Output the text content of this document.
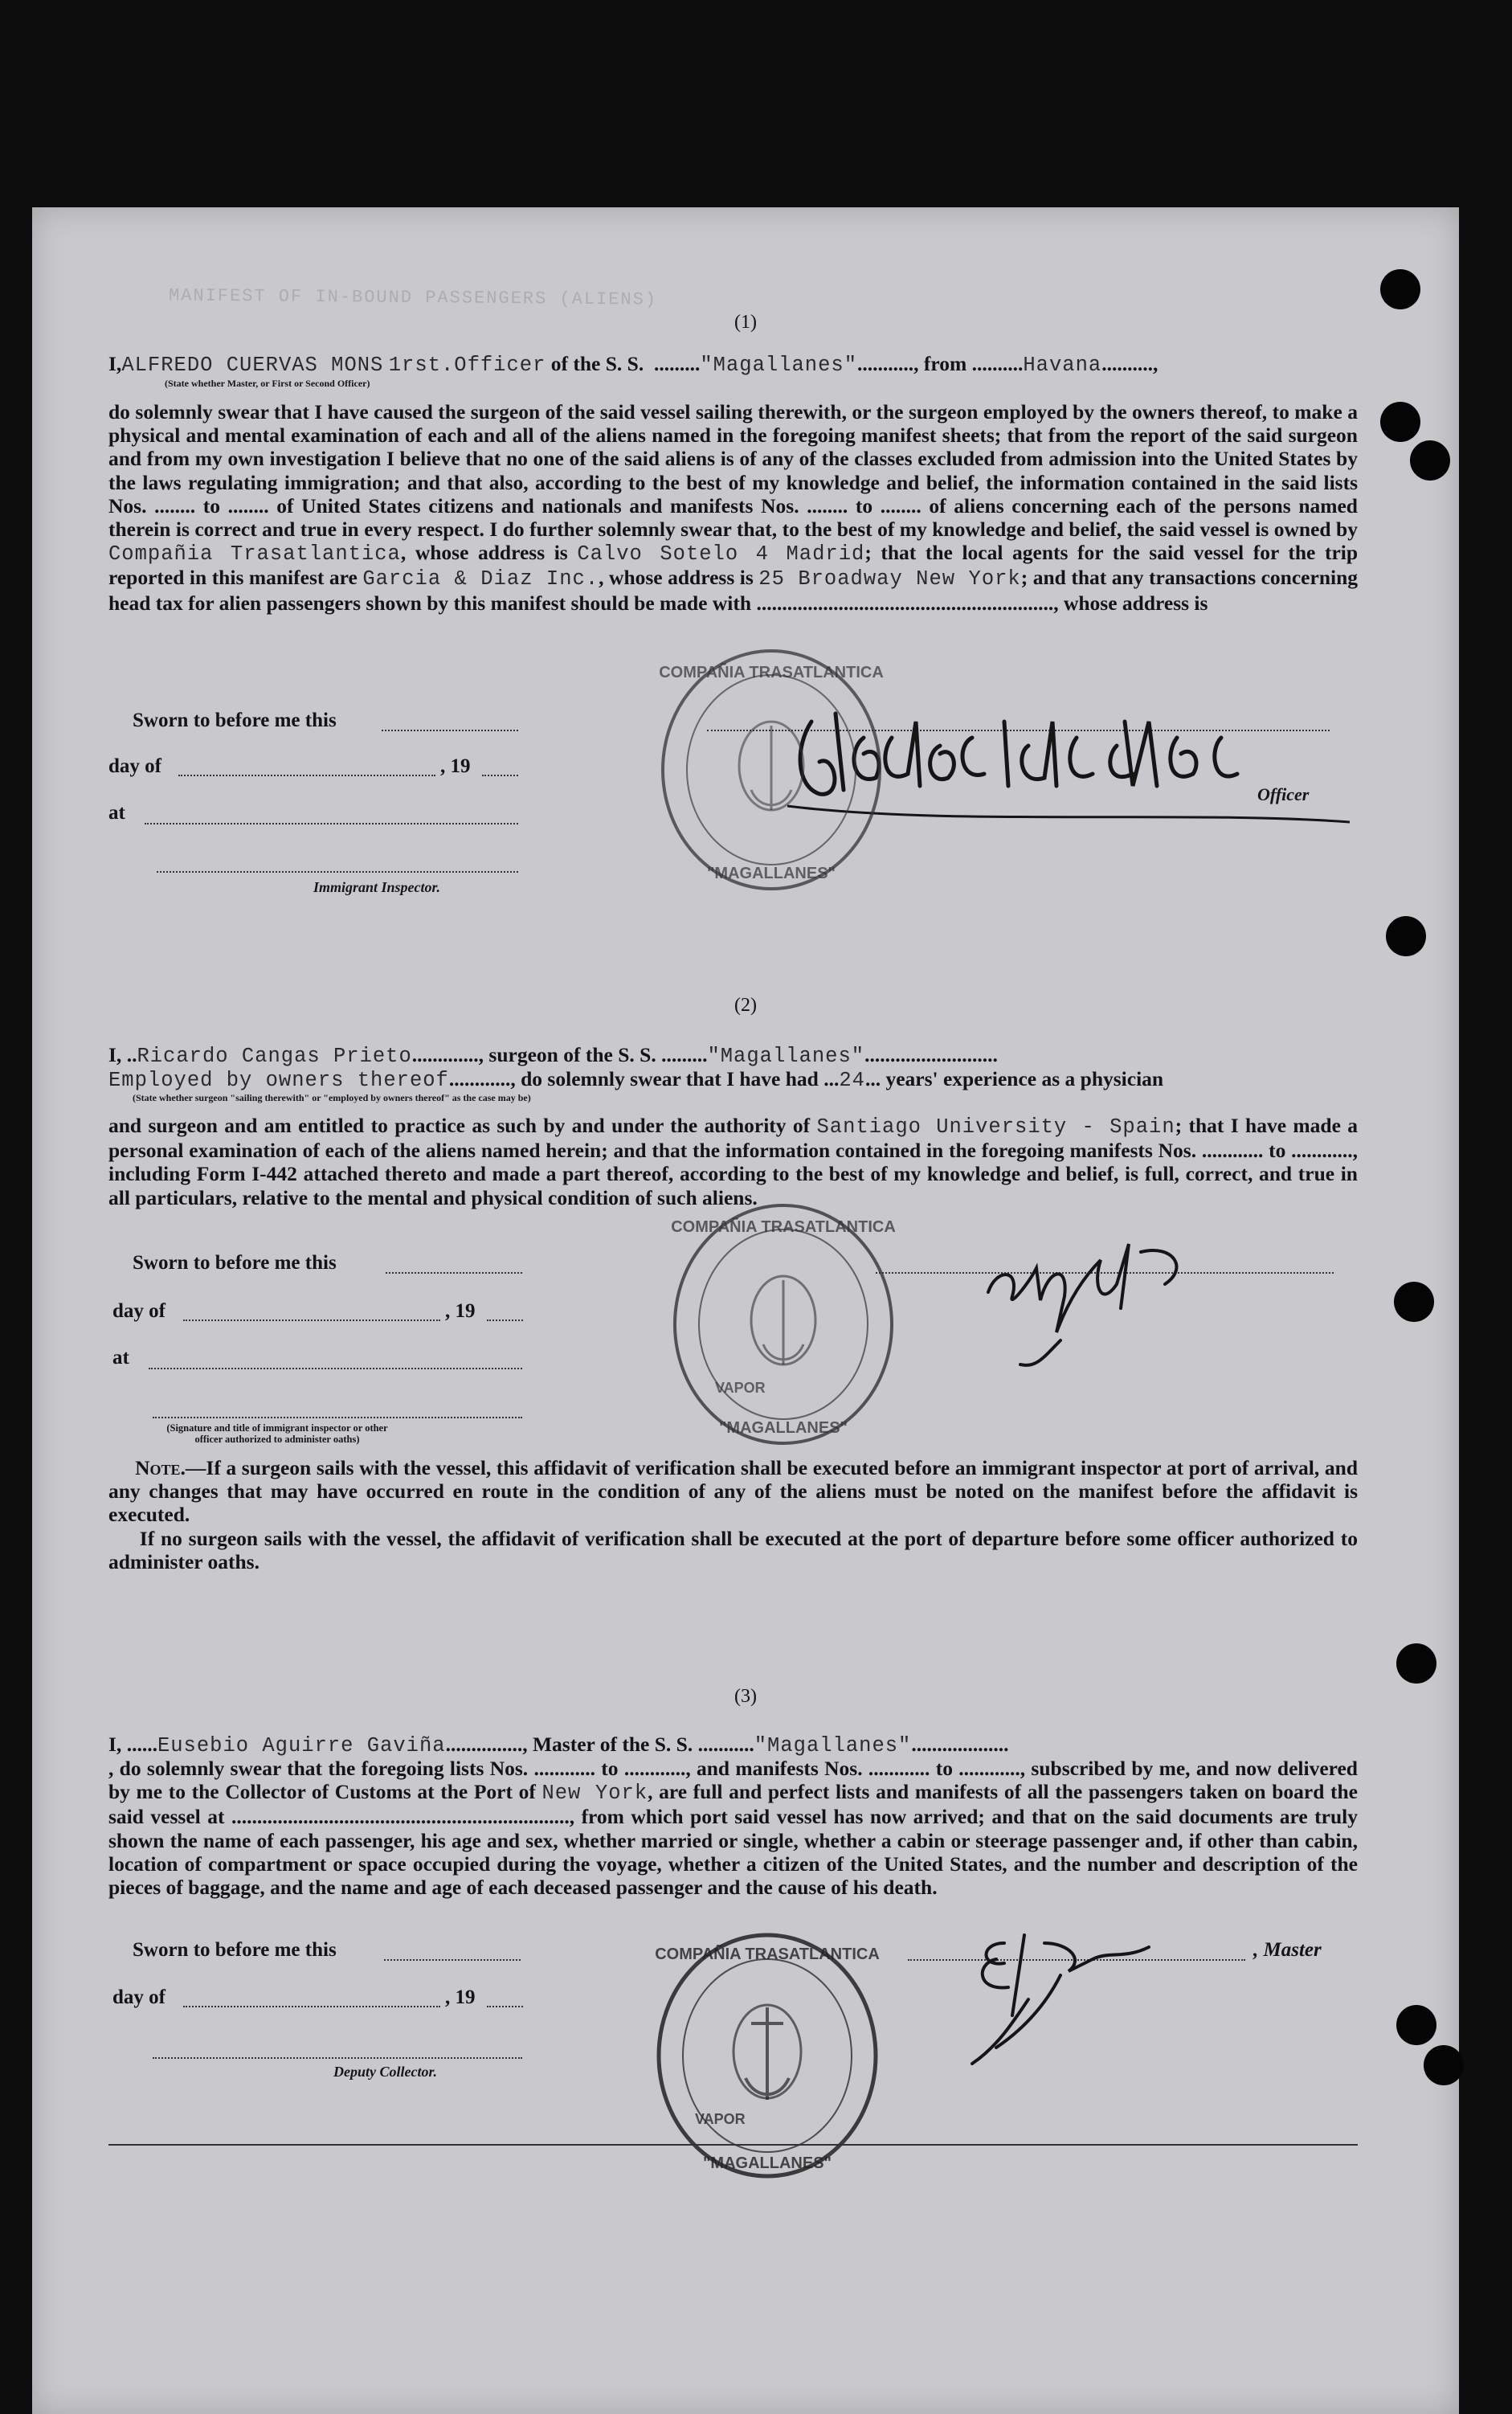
MANIFEST OF IN-BOUND PASSENGERS (ALIENS)
(1)
I,ALFREDO CUERVAS MONS 1rst.Officer of the S. S.  ........."Magallanes"..........., from ..........Havana..........,
(State whether Master, or First or Second Officer)
do solemnly swear that I have caused the surgeon of the said vessel sailing therewith, or the surgeon employed by the owners thereof, to make a physical and mental examination of each and all of the aliens named in the foregoing manifest sheets; that from the report of the said surgeon and from my own investigation I believe that no one of the said aliens is of any of the classes excluded from admission into the United States by the laws regulating immigration; and that also, according to the best of my knowledge and belief, the information contained in the said lists Nos. ........ to ........ of United States citizens and nationals and manifests Nos. ........ to ........ of aliens concerning each of the persons named therein is correct and true in every respect. I do further solemnly swear that, to the best of my knowledge and belief, the said vessel is owned by Compañia Trasatlantica, whose address is Calvo Sotelo 4 Madrid; that the local agents for the said vessel for the trip reported in this manifest are Garcia & Diaz Inc., whose address is 25 Broadway New York; and that any transactions concerning head tax for alien passengers shown by this manifest should be made with .........................................................., whose address is
Sworn to before me this
day of	, 19
at
Immigrant Inspector.
Officer
COMPAÑIA TRASATLANTICA
"MAGALLANES"
(2)
I, ..Ricardo Cangas Prieto............., surgeon of the S. S. ........."Magallanes"..........................
Employed by owners thereof............, do solemnly swear that I have had ...24... years' experience as a physician
(State whether surgeon "sailing therewith" or "employed by owners thereof" as the case may be)
and surgeon and am entitled to practice as such by and under the authority of Santiago University - Spain; that I have made a personal examination of each of the aliens named herein; and that the information contained in the foregoing manifests Nos. ............ to ............, including Form I-442 attached thereto and made a part thereof, according to the best of my knowledge and belief, is full, correct, and true in all particulars, relative to the mental and physical condition of such aliens.
Sworn to before me this
day of	, 19
at
(Signature and title of immigrant inspector or other officer authorized to administer oaths)
COMPAÑIA TRASATLANTICA
"MAGALLANES"
VAPOR
Note.—If a surgeon sails with the vessel, this affidavit of verification shall be executed before an immigrant inspector at port of arrival, and any changes that may have occurred en route in the condition of any of the aliens must be noted on the manifest before the affidavit is executed.
If no surgeon sails with the vessel, the affidavit of verification shall be executed at the port of departure before some officer authorized to administer oaths.
(3)
I, ......Eusebio Aguirre Gaviña..............., Master of the S. S. ..........."Magallanes"...................
, do solemnly swear that the foregoing lists Nos. ............ to ............, and manifests Nos. ............ to ............, subscribed by me, and now delivered by me to the Collector of Customs at the Port of New York, are full and perfect lists and manifests of all the passengers taken on board the said vessel at .................................................................., from which port said vessel has now arrived; and that on the said documents are truly shown the name of each passenger, his age and sex, whether married or single, whether a cabin or steerage passenger and, if other than cabin, location of compartment or space occupied during the voyage, whether a citizen of the United States, and the number and description of the pieces of baggage, and the name and age of each deceased passenger and the cause of his death.
Sworn to before me this
day of	, 19
Deputy Collector.
, Master
COMPAÑIA TRASATLANTICA
"MAGALLANES"
VAPOR
